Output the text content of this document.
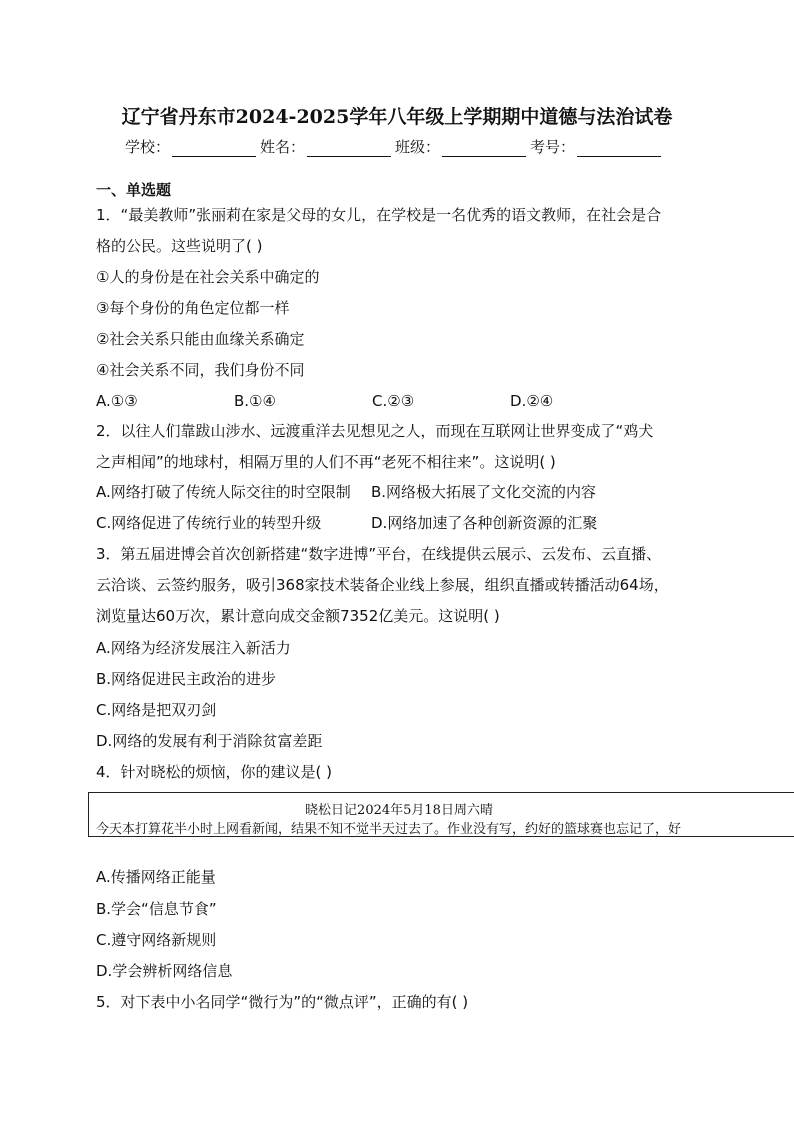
辽宁省丹东市2024-2025学年八年级上学期期中道德与法治试卷
学校：	姓名：	班级：	考号：
一、单选题
1．“最美教师”张丽莉在家是父母的女儿，在学校是一名优秀的语文教师，在社会是合
格的公民。这些说明了( )
①人的身份是在社会关系中确定的
③每个身份的角色定位都一样
②社会关系只能由血缘关系确定
④社会关系不同，我们身份不同
A.①③	B.①④	C.②③	D.②④
2．以往人们靠跋山涉水、远渡重洋去见想见之人，而现在互联网让世界变成了“鸡犬
之声相闻”的地球村，相隔万里的人们不再“老死不相往来”。这说明( )
A.网络打破了传统人际交往的时空限制	B.网络极大拓展了文化交流的内容
C.网络促进了传统行业的转型升级	D.网络加速了各种创新资源的汇聚
3．第五届进博会首次创新搭建“数字进博”平台，在线提供云展示、云发布、云直播、
云洽谈、云签约服务，吸引368家技术装备企业线上参展，组织直播或转播活动64场，
浏览量达60万次，累计意向成交金额7352亿美元。这说明( )
A.网络为经济发展注入新活力
B.网络促进民主政治的进步
C.网络是把双刃剑
D.网络的发展有利于消除贫富差距
4．针对晓松的烦恼，你的建议是( )
晓松日记2024年5月18日周六晴
今天本打算花半小时上网看新闻，结果不知不觉半天过去了。作业没有写，约好的篮球赛也忘记了，好
A.传播网络正能量
B.学会“信息节食”
C.遵守网络新规则
D.学会辨析网络信息
5．对下表中小名同学“微行为”的“微点评”，正确的有( )
